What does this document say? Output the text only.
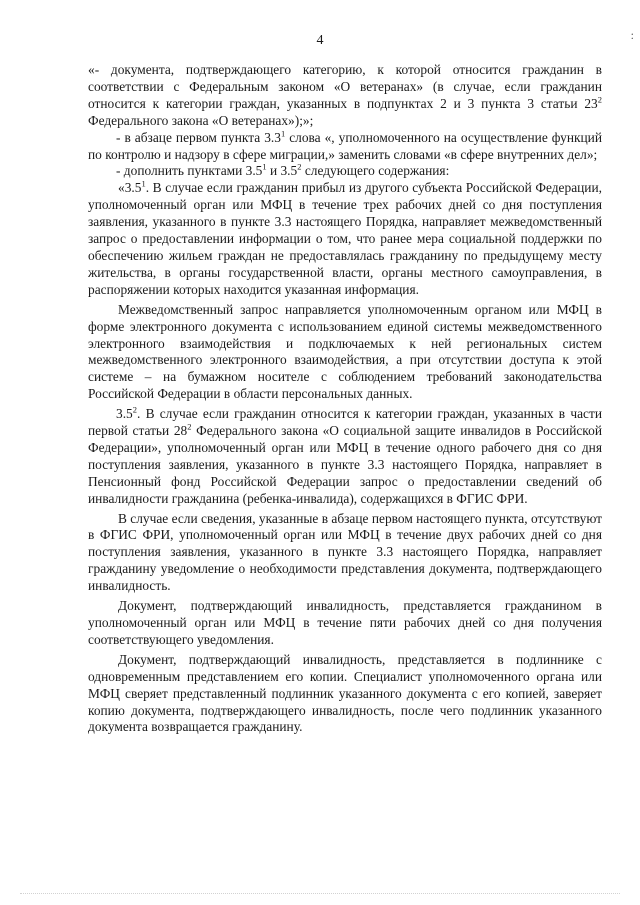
4	:

«- документа, подтверждающего категорию, к которой относится гражданин в соответствии с Федеральным законом «О ветеранах» (в случае, если гражданин относится к категории граждан, указанных в подпунктах 2 и 3 пункта 3 статьи $23^2$ Федерального закона «О ветеранах»);»;

- в абзаце первом пункта $3.3^1$ слова «, уполномоченного на осуществление функций по контролю и надзору в сфере миграции,» заменить словами «в сфере внутренних дел»;

- дополнить пунктами $3.5^1$ и $3.5^2$ следующего содержания:

«$3.5^1$. В случае если гражданин прибыл из другого субъекта Российской Федерации, уполномоченный орган или МФЦ в течение трех рабочих дней со дня поступления заявления, указанного в пункте 3.3 настоящего Порядка, направляет межведомственный запрос о предоставлении информации о том, что ранее мера социальной поддержки по обеспечению жильем граждан не предоставлялась гражданину по предыдущему месту жительства, в органы государственной власти, органы местного самоуправления, в распоряжении которых находится указанная информация.

Межведомственный запрос направляется уполномоченным органом или МФЦ в форме электронного документа с использованием единой системы межведомственного электронного взаимодействия и подключаемых к ней региональных систем межведомственного электронного взаимодействия, а при отсутствии доступа к этой системе – на бумажном носителе с соблюдением требований законодательства Российской Федерации в области персональных данных.

$3.5^2$. В случае если гражданин относится к категории граждан, указанных в части первой статьи $28^2$ Федерального закона «О социальной защите инвалидов в Российской Федерации», уполномоченный орган или МФЦ в течение одного рабочего дня со дня поступления заявления, указанного в пункте 3.3 настоящего Порядка, направляет в Пенсионный фонд Российской Федерации запрос о предоставлении сведений об инвалидности гражданина (ребенка-инвалида), содержащихся в ФГИС ФРИ.

В случае если сведения, указанные в абзаце первом настоящего пункта, отсутствуют в ФГИС ФРИ, уполномоченный орган или МФЦ в течение двух рабочих дней со дня поступления заявления, указанного в пункте 3.3 настоящего Порядка, направляет гражданину уведомление о необходимости представления документа, подтверждающего инвалидность.

Документ, подтверждающий инвалидность, представляется гражданином в уполномоченный орган или МФЦ в течение пяти рабочих дней со дня получения соответствующего уведомления.

Документ, подтверждающий инвалидность, представляется в подлиннике с одновременным представлением его копии. Специалист уполномоченного органа или МФЦ сверяет представленный подлинник указанного документа с его копией, заверяет копию документа, подтверждающего инвалидность, после чего подлинник указанного документа возвращается гражданину.
